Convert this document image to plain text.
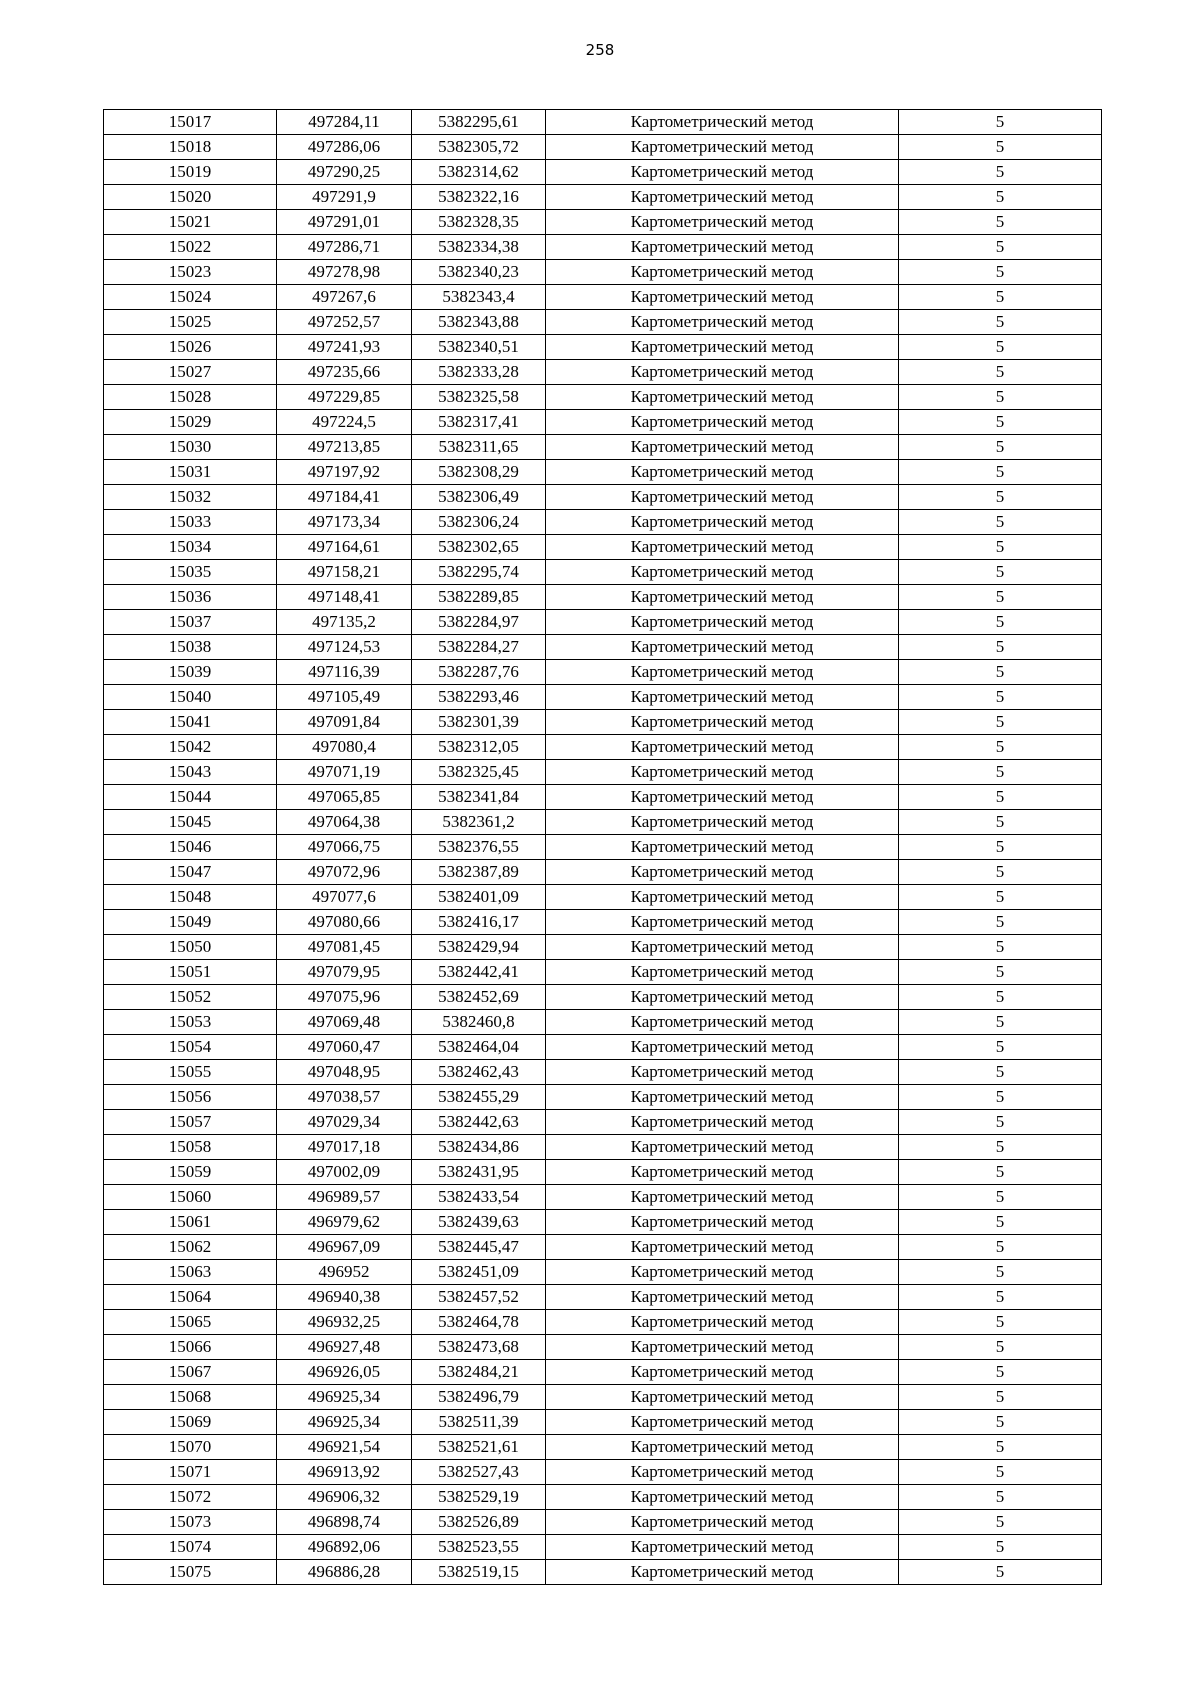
258
15017	497284,11	5382295,61	Картометрический метод	5
15018	497286,06	5382305,72	Картометрический метод	5
15019	497290,25	5382314,62	Картометрический метод	5
15020	497291,9	5382322,16	Картометрический метод	5
15021	497291,01	5382328,35	Картометрический метод	5
15022	497286,71	5382334,38	Картометрический метод	5
15023	497278,98	5382340,23	Картометрический метод	5
15024	497267,6	5382343,4	Картометрический метод	5
15025	497252,57	5382343,88	Картометрический метод	5
15026	497241,93	5382340,51	Картометрический метод	5
15027	497235,66	5382333,28	Картометрический метод	5
15028	497229,85	5382325,58	Картометрический метод	5
15029	497224,5	5382317,41	Картометрический метод	5
15030	497213,85	5382311,65	Картометрический метод	5
15031	497197,92	5382308,29	Картометрический метод	5
15032	497184,41	5382306,49	Картометрический метод	5
15033	497173,34	5382306,24	Картометрический метод	5
15034	497164,61	5382302,65	Картометрический метод	5
15035	497158,21	5382295,74	Картометрический метод	5
15036	497148,41	5382289,85	Картометрический метод	5
15037	497135,2	5382284,97	Картометрический метод	5
15038	497124,53	5382284,27	Картометрический метод	5
15039	497116,39	5382287,76	Картометрический метод	5
15040	497105,49	5382293,46	Картометрический метод	5
15041	497091,84	5382301,39	Картометрический метод	5
15042	497080,4	5382312,05	Картометрический метод	5
15043	497071,19	5382325,45	Картометрический метод	5
15044	497065,85	5382341,84	Картометрический метод	5
15045	497064,38	5382361,2	Картометрический метод	5
15046	497066,75	5382376,55	Картометрический метод	5
15047	497072,96	5382387,89	Картометрический метод	5
15048	497077,6	5382401,09	Картометрический метод	5
15049	497080,66	5382416,17	Картометрический метод	5
15050	497081,45	5382429,94	Картометрический метод	5
15051	497079,95	5382442,41	Картометрический метод	5
15052	497075,96	5382452,69	Картометрический метод	5
15053	497069,48	5382460,8	Картометрический метод	5
15054	497060,47	5382464,04	Картометрический метод	5
15055	497048,95	5382462,43	Картометрический метод	5
15056	497038,57	5382455,29	Картометрический метод	5
15057	497029,34	5382442,63	Картометрический метод	5
15058	497017,18	5382434,86	Картометрический метод	5
15059	497002,09	5382431,95	Картометрический метод	5
15060	496989,57	5382433,54	Картометрический метод	5
15061	496979,62	5382439,63	Картометрический метод	5
15062	496967,09	5382445,47	Картометрический метод	5
15063	496952	5382451,09	Картометрический метод	5
15064	496940,38	5382457,52	Картометрический метод	5
15065	496932,25	5382464,78	Картометрический метод	5
15066	496927,48	5382473,68	Картометрический метод	5
15067	496926,05	5382484,21	Картометрический метод	5
15068	496925,34	5382496,79	Картометрический метод	5
15069	496925,34	5382511,39	Картометрический метод	5
15070	496921,54	5382521,61	Картометрический метод	5
15071	496913,92	5382527,43	Картометрический метод	5
15072	496906,32	5382529,19	Картометрический метод	5
15073	496898,74	5382526,89	Картометрический метод	5
15074	496892,06	5382523,55	Картометрический метод	5
15075	496886,28	5382519,15	Картометрический метод	5
